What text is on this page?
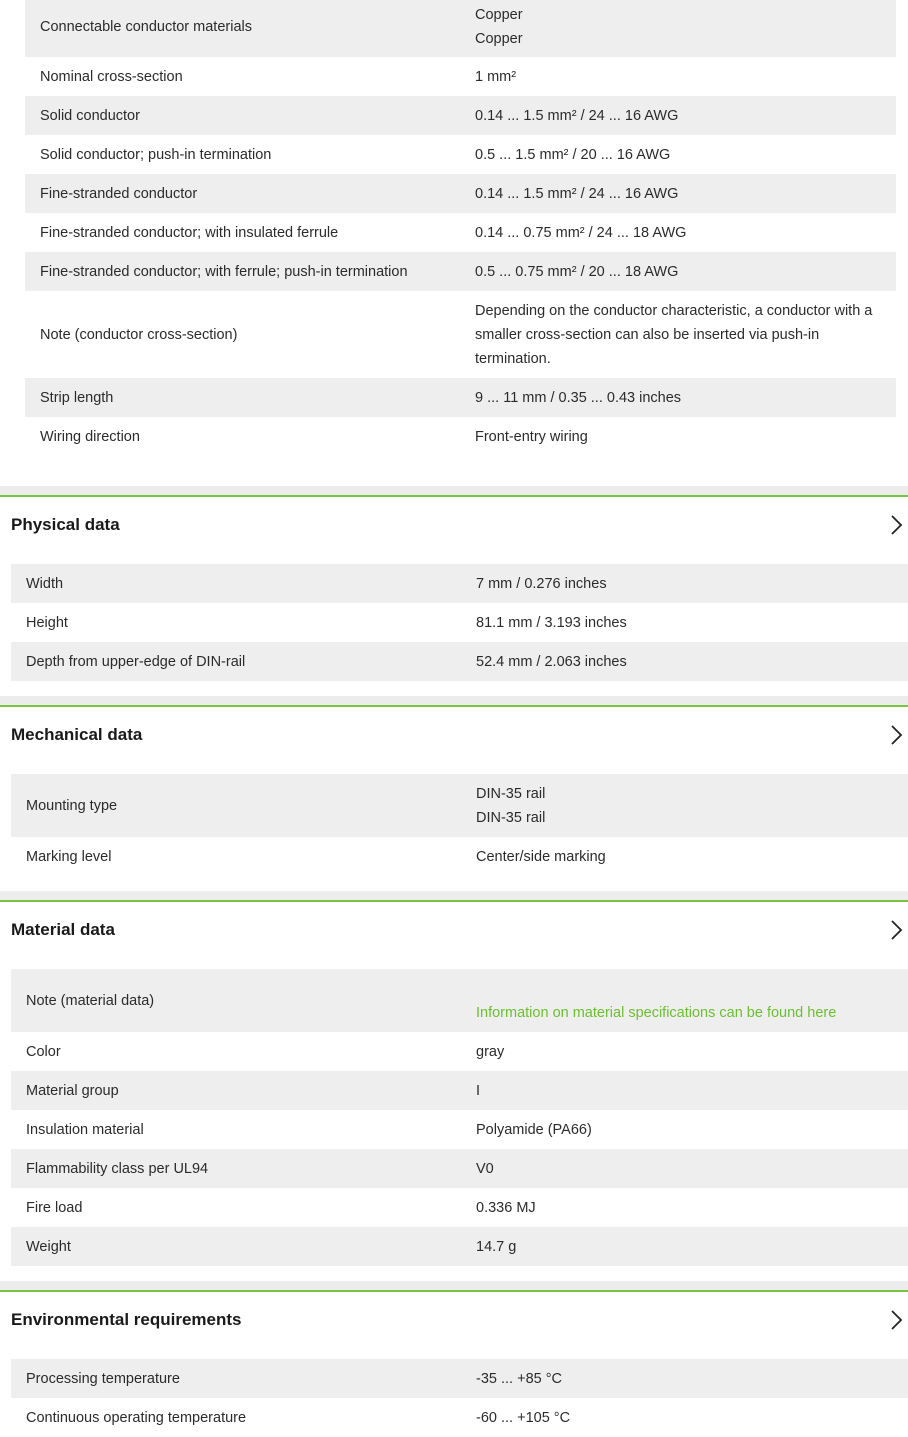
Connectable conductor materials	Copper
Copper

Nominal cross-section	1 mm²
Solid conductor	0.14 ... 1.5 mm² / 24 ... 16 AWG
Solid conductor; push-in termination	0.5 ... 1.5 mm² / 20 ... 16 AWG
Fine-stranded conductor	0.14 ... 1.5 mm² / 24 ... 16 AWG
Fine-stranded conductor; with insulated ferrule	0.14 ... 0.75 mm² / 24 ... 18 AWG
Fine-stranded conductor; with ferrule; push-in termination	0.5 ... 0.75 mm² / 20 ... 18 AWG
Note (conductor cross-section)	Depending on the conductor characteristic, a conductor with a smaller cross-section can also be inserted via push-in termination.
Strip length	9 ... 11 mm / 0.35 ... 0.43 inches
Wiring direction	Front-entry wiring
Physical data
Width	7 mm / 0.276 inches
Height	81.1 mm / 3.193 inches
Depth from upper-edge of DIN-rail	52.4 mm / 2.063 inches
Mechanical data
Mounting type	DIN-35 rail
DIN-35 rail

Marking level	Center/side marking
Material data
Note (material data)	Information on material specifications can be found here
Color	gray
Material group	I
Insulation material	Polyamide (PA66)
Flammability class per UL94	V0
Fire load	0.336 MJ
Weight	14.7 g
Environmental requirements
Processing temperature	-35 ... +85 °C
Continuous operating temperature	-60 ... +105 °C
